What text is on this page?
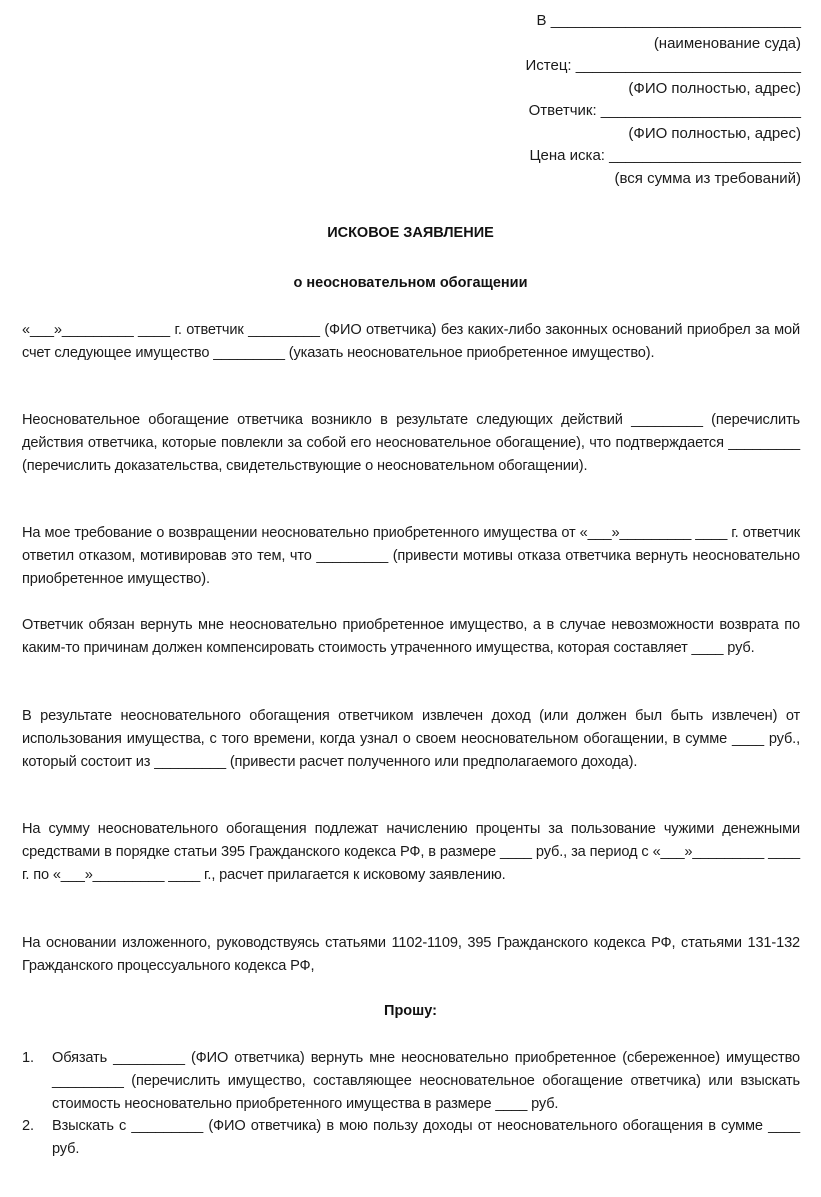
В ______________________________
(наименование суда)
Истец: ___________________________
(ФИО полностью, адрес)
Ответчик: ________________________
(ФИО полностью, адрес)
Цена иска: _______________________
(вся сумма из требований)
ИСКОВОЕ ЗАЯВЛЕНИЕ
о неосновательном обогащении
«___»_________ ____ г. ответчик _________ (ФИО ответчика) без каких-либо законных оснований приобрел за мой счет следующее имущество _________ (указать неосновательное приобретенное имущество).
Неосновательное обогащение ответчика возникло в результате следующих действий _________ (перечислить действия ответчика, которые повлекли за собой его неосновательное обогащение), что подтверждается _________ (перечислить доказательства, свидетельствующие о неосновательном обогащении).
На мое требование о возвращении неосновательно приобретенного имущества от «___»_________ ____ г. ответчик ответил отказом, мотивировав это тем, что _________ (привести мотивы отказа ответчика вернуть неосновательно приобретенное имущество).
Ответчик обязан вернуть мне неосновательно приобретенное имущество, а в случае невозможности возврата по каким-то причинам должен компенсировать стоимость утраченного имущества, которая составляет ____ руб.
В результате неосновательного обогащения ответчиком извлечен доход (или должен был быть извлечен) от использования имущества, с того времени, когда узнал о своем неосновательном обогащении, в сумме ____ руб., который состоит из _________ (привести расчет полученного или предполагаемого дохода).
На сумму неосновательного обогащения подлежат начислению проценты за пользование чужими денежными средствами в порядке статьи 395 Гражданского кодекса РФ, в размере ____ руб., за период с «___»_________ ____ г. по «___»_________ ____ г., расчет прилагается к исковому заявлению.
На основании изложенного, руководствуясь статьями 1102-1109, 395 Гражданского кодекса РФ, статьями 131-132 Гражданского процессуального кодекса РФ,
Прошу:
1. Обязать _________ (ФИО ответчика) вернуть мне неосновательно приобретенное (сбереженное) имущество _________ (перечислить имущество, составляющее неосновательное обогащение ответчика) или взыскать стоимость неосновательно приобретенного имущества в размере ____ руб.
2. Взыскать с _________ (ФИО ответчика) в мою пользу доходы от неосновательного обогащения в сумме ____ руб.
